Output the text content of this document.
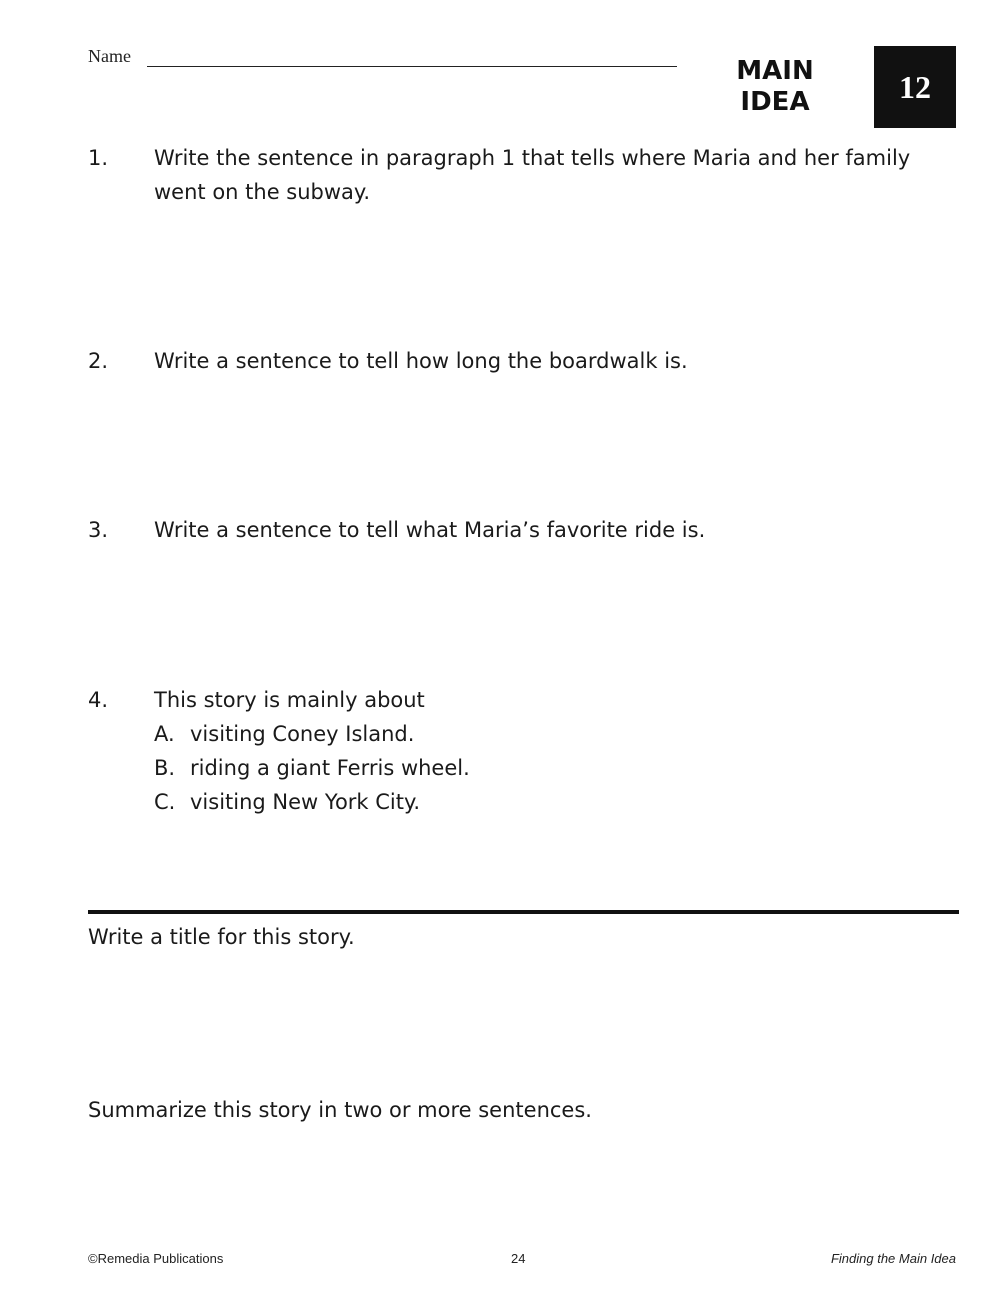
Name	MAIN
IDEA	12
1. Write the sentence in paragraph 1 that tells where Maria and her family went on the subway.
2. Write a sentence to tell how long the boardwalk is.
3. Write a sentence to tell what Maria’s favorite ride is.
4. This story is mainly about
A. visiting Coney Island.
B. riding a giant Ferris wheel.
C. visiting New York City.
Write a title for this story.
Summarize this story in two or more sentences.
©Remedia Publications	24	Finding the Main Idea
